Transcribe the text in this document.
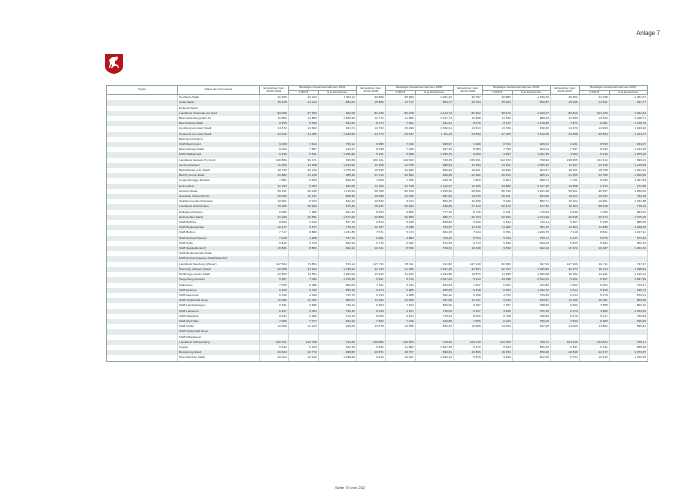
Anlage 7
Typen	Name der Kommune	Einwohner zum 30.06.2004	Beteiligte Gesamteinnahmen 2004		Einwohner zum 30.06.2005	Beteiligte Gesamteinnahmen 2005		Einwohner zum 30.06.2006	Beteiligte Gesamteinnahmen 2006		Einwohner zum 30.06.2007	Beteiligte Gesamteinnahmen 2007	
			1.000 €	€ je Einwohner		1.000 €	€ je Einwohner		1.000 €	€ je Einwohner		1.000 €	€ je Einwohner
	Northeim,Stadt	31 659	43 313	1 392,11	30 856	38 909	1 261,34	30 707	40 886	1 330,16	30 452	44 198	1 451,61
	Uslar,Stadt	15 918	14 122	883,63	15 880	13 717	863,77	15 794	15 003	950,87	15 536	14 541	937,77
	Einbeck,Stadt												
	Landkreis Osterode am Harz	83 068	57 483	692,00	82 345	80 918	1 124,74	81 502	98 972	1 220,27	80 819	101 225	1 001,64
	Bad Lauterberg,Harz,St.	11 889	12 880	1 608,36	11 772	11 986	1 017,73	11 668	11 536	989,03	11 580	14 463	1 248,71
	Bad Sachsa,Stadt	8 355	8 393	993,62	8 174	7 662	941,61	8 076	8 197	1 128,80	7 973	9 081	1 138,79
	Herzberg am Harz,Stadt	14 872	13 820	923,71	14 762	15 298	1 032,01	14 613	13 708	938,25	14 479	14 969	1 029,96
	Osterode am Harz,Stadt	24 930	31 055	1 245,69	24 773	29 517	1 111,29	24 550	37 105	1 512,09	24 398	39 503	1 214,27
	Bad Grund (Harz)												
	SGB Bad Grund	9 668	7 613	750,12	9 585	7 446	828,97	9 398	8 703	926,01	9 291	8 535	844,07
	Bad Harburg,Stadt	8 200	7 867	910,67	8 138	7 028	937,35	8 083	7 798	963,04	7 997	8 236	1 154,95
	SGB Walkenried	5 236	5 531	1 056,36	5 161	5 008	1 030,79	5 090	4 937	1 021,59	4 993	6 216	1 255,08
	Landkreis Hameln-Pyrmont	160 860	99 171	616,50	160 121	119 843	748,45	159 301	112 973	708,92	158 355	131 912	833,01
	Aerzen,Flecken	11 460	14 398	1 212,96	11 408	11 578	985,53	11 353	13 121	1 095,43	11 647	14 139	1 215,05
	Bad Münder a.D. Stadt	18 732	20 219	1 079,39	18 539	19 486	846,95	18 441	19 699	904,57	18 221	18 708	1 001,65
	Bad Pyrmont,Stadt	21 882	21 318	985,96	21 723	20 863	968,95	21 582	20 315	905,21	21 355	22 786	1 066,59
	Coppenbrügge,Flecken	7 882	8 915	839,15	7 809	7 366	918,78	7 803	6 824	858,71	7 761	8 286	1 067,83
	Emmerthal	11 194	9 303	831,05	11 156	22 768	1 142,97	11 025	23 882	2 167,15	10 958	2 973	271,85
	Hameln,Stadt	59 161	49 248	1 119,64	58 780	96 159	1 635,60	58 696	85 799	1 461,68	58 521	96 557	1 650,06
	Hessisch Oldendorf,St.	19 909	16 137	808,30	19 839	19 635	837,82	19 676	16 461	834,60	19 614	15 352	782,18
	Salzhemmendorf,Flecken	10 651	8 973	842,44	10 530	9 374	890,25	10 458	9 190	880,71	10 322	10 651	1 031,88
	Landkreis Holzminden	79 255	45 408	575,45	78 297	50 023	638,89	77 413	52 473	677,84	76 463	58 518	778,15
	Delligsen,Flecken	8 386	7 385	821,81	8 353	6 880	777,16	8 718	6 791	778,93	8 439	7 030	833,02
	Holzminden,Stadt	21 039	32 581	1 573,29	20 856	20 580	986,77	20 794	22 353	1 074,99	20 545	26 474	1 075,05
	SGB Boffzen	8 669	5 410	817,15	6 624	8 238	828,80	6 528	6 844	742,11	6 457	5 758	888,05
	SGB Bodenwerder	12 417	9 677	778,33	12 187	8 288	760,67	11 979	11 993	951,16	11 834	11 858	1 009,46
	SGB Bollum	7 717	8 889	1 151,86	7 671	5 173	664,25	7 644	6 781	1 209,75	7 218	8 821	1 167,91
	SGB Eschershausen	7 028	4 968	707,76	6 991	4 883	729,46	6 794	5 154	759,71	6 727	5 875	873,35
	SGB Polle	6 819	6 370	906,94	6 779	6 060	872,65	6 713	6 399	920,03	6 625	5 962	902,10
	SGB Stadtoldendorf	10 581	8 883	840,33	10 441	8 536	769,61	10 338	9 533	922,14	10 172	10 187	1 001,64
	SGB Bodenwerder-Polle												
	SGB Eschershausen-Stadtoldendorf												
	Landkreis Nienburg (Weser)	127 524	73 854	579,14	127 711	78 411	611,82	127 318	82 383	647,04	127 106	91 711	737,27
	Nienburg (Weser),Stadt	32 558	43 626	1 339,94	32 743	41 296	1 261,25	32 654	42 797	1 306,89	32 474	45 113	1 398,81
	Rehburg-Loccum,Stadt	10 969	11 551	1 053,02	10 933	11 225	1 024,86	10 876	11 595	1 066,08	10 782	12 941	1 190,14
	Steyerberg,Flecken	5 387	7 096	1 316,95	5 361	8 723	1 627,64	5 313	13 338	2 510,21	5 261	9 467	1 687,99
	Stolzenau	7 525	6 088	809,06	7 511	6 344	844,64	7 527	5 297	703,80	7 502	5 563	740,67
	SGB Eystrup	6 450	5 763	895,33	6 474	5 985	905,05	6 418	6 564	1 022,72	6 514	5 959	929,74
	SGB Heemsen	6 109	4 439	725,70	6 154	4 288	692,22	6 258	4 753	759,50	6 213	5 478	872,01
	SGB Grafschaft Hoya	11 280	10 030	889,07	11 293	10 658	947,08	11 247	9 219	819,67	11 190	10 181	906,96
	SGB Landesbergen	9 381	6 596	739,12	9 354	7 463	829,09	9 257	7 057	788,66	9 092	7 858	862,16
	SGB Liebenau	6 427	5 094	792,26	6 349	4 917	736,04	6 317	4 815	762,26	6 273	4 480	1 024,52
	SGB Marklohe	8 534	6 066	710,78	8 509	6 624	778,44	8 520	6 728	789,68	8 479	6 417	756,84
	SGB Steimbke	7 666	7 077	923,22	7 892	7 236	916,85	7 825	6 220	795,03	7 690	6 380	829,65
	SGB Uchte	13 060	12 213	935,06	13 078	13 059	845,53	13 068	14 054	937,98	13 069	14 802	896,81
	SGB Grafschaft Hoya												
	SGB Mittelweser												
	Landkreis Schaumburg	166 101	122 768	744,84	165 882	119 484	718,62	165 419	112 253	750,11	164 636	124 822	758,17
	Auetal	6 542	6 169	942,16	6 502	11 883	1 827,38	6 479	5 523	852,40	6 397	6 131	958,38
	Bückeburg,Stadt	20 003	20 772	998,58	20 871	18 757	898,81	20 896	16 353	878,28	20 838	22 377	1 073,87
	Obernkirchen,Stadt	10 024	10 412	1 038,66	9 910	10 327	1 042,12	9 870	9 400	812,06	9 744	12 516	1 232,55
Seite 70 von 232
